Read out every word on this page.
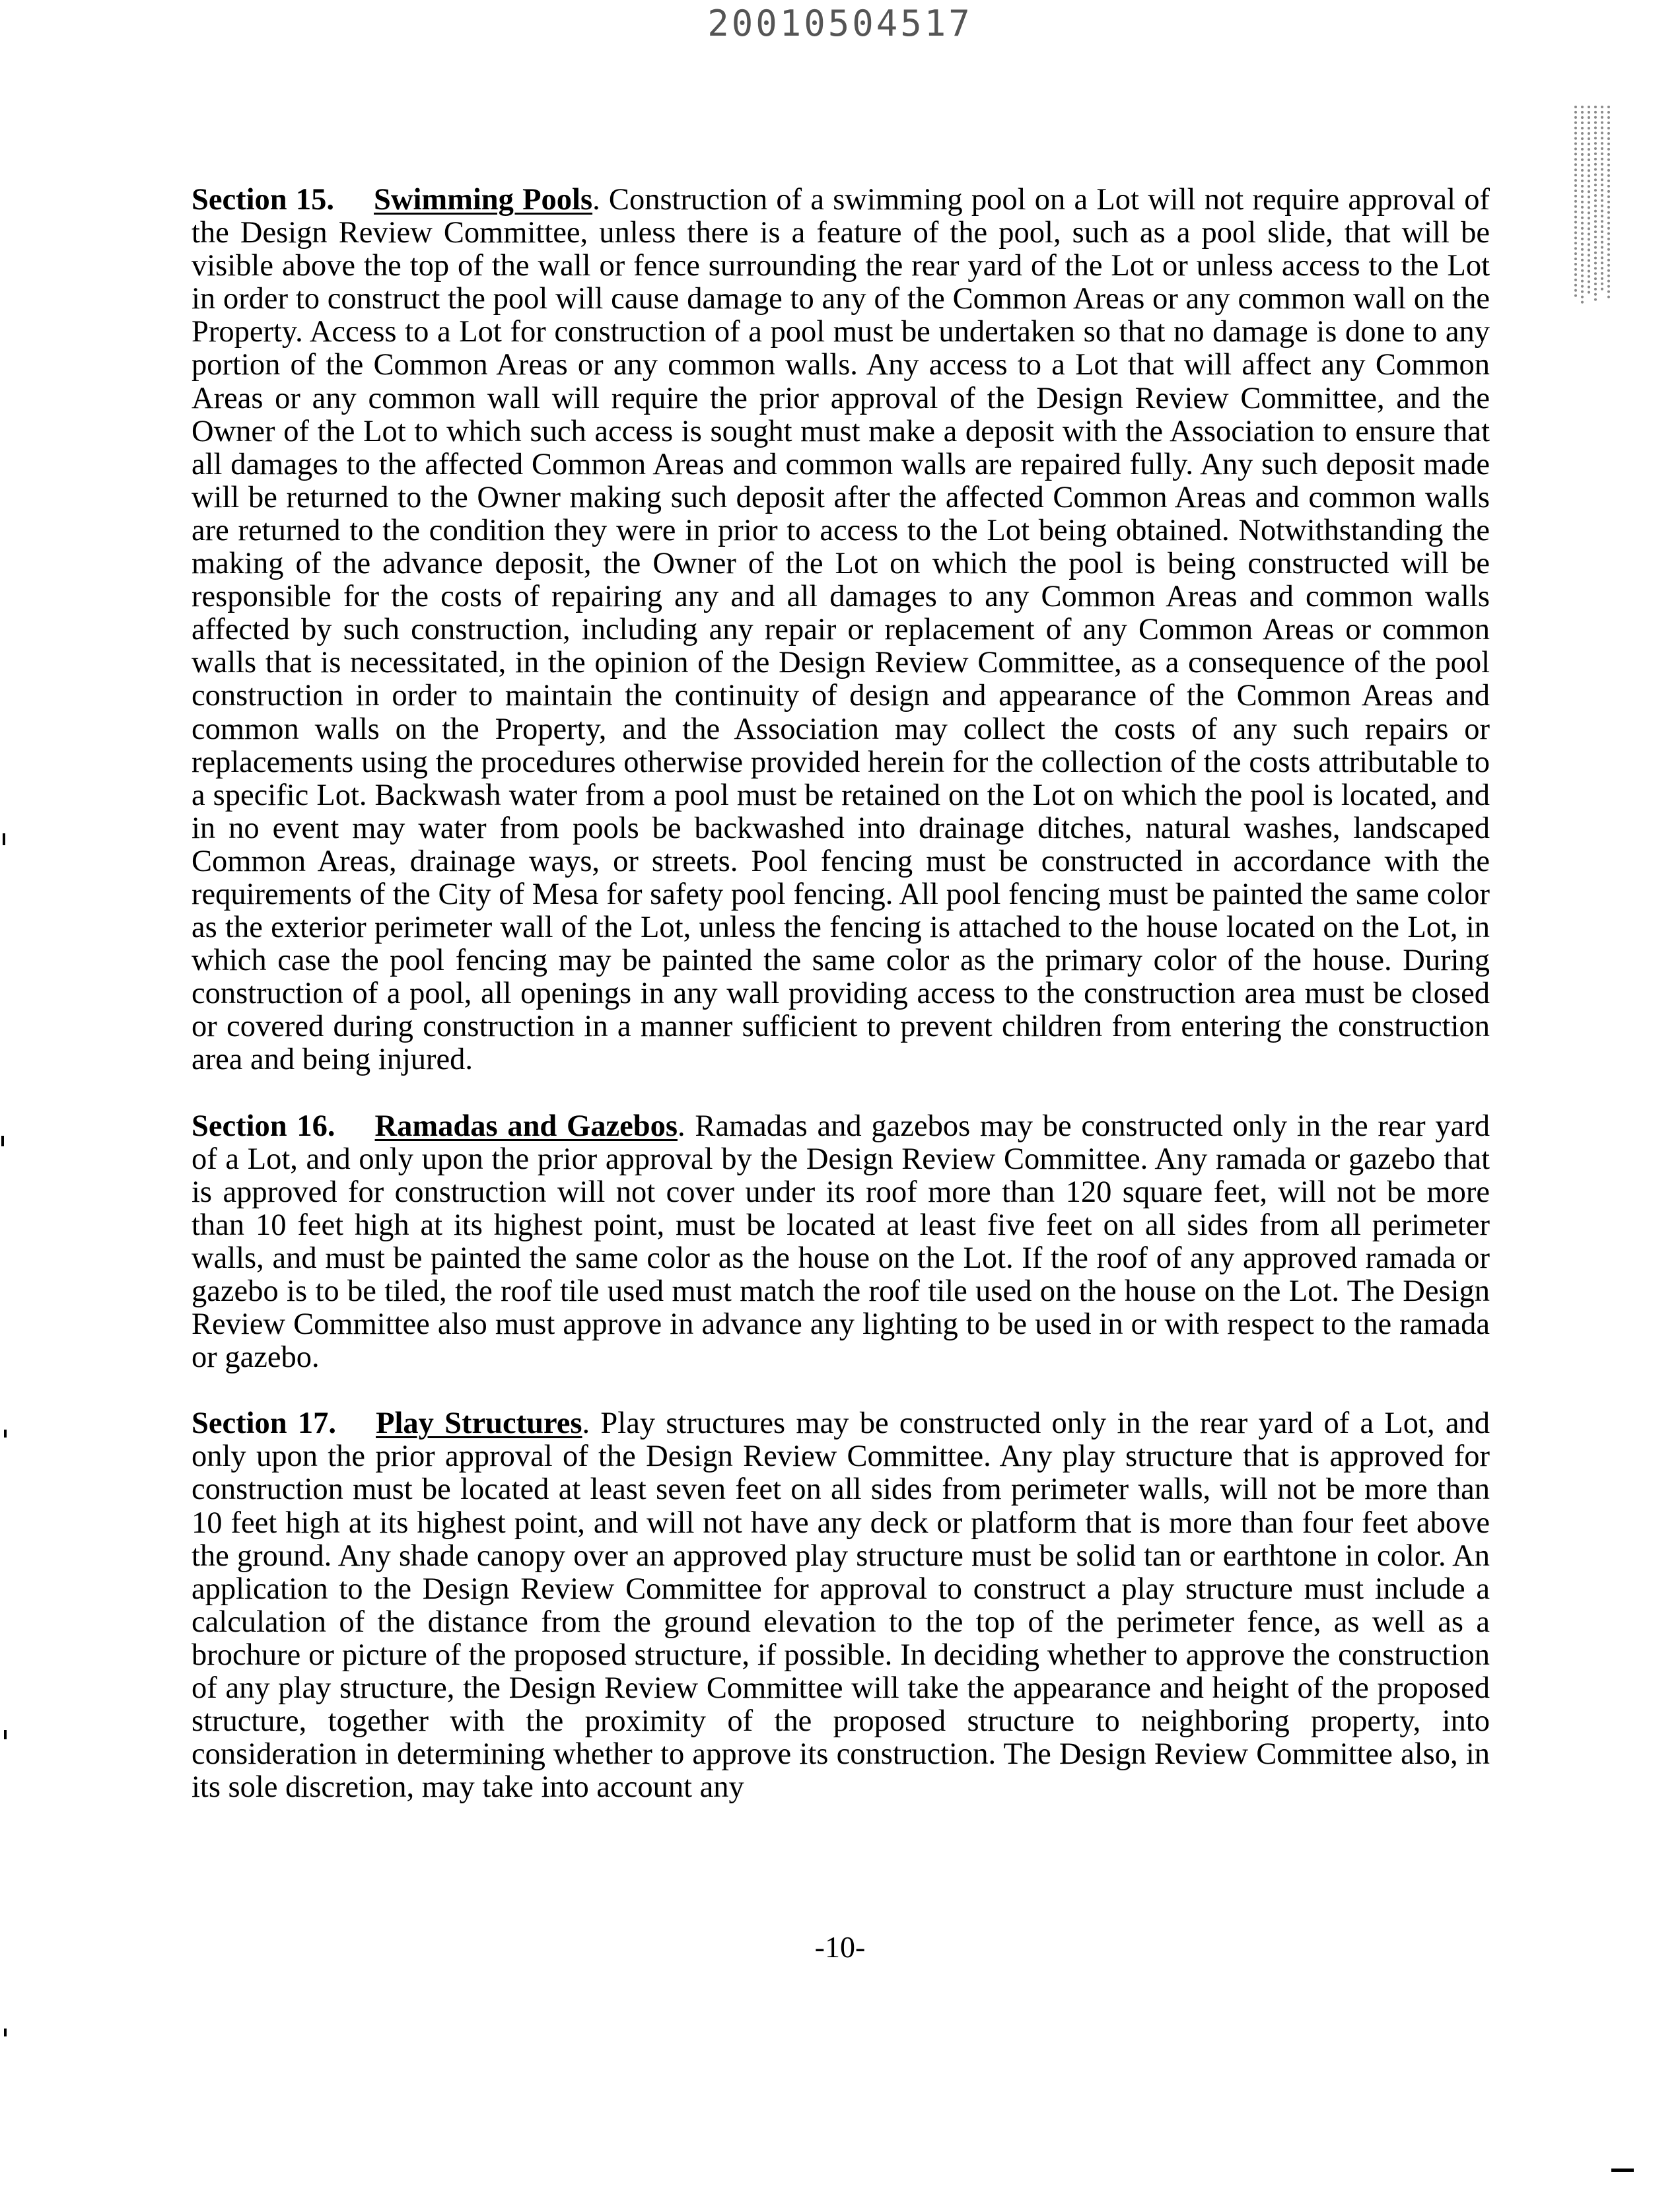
20010504517

Section 15. Swimming Pools. Construction of a swimming pool on a Lot will not require approval of the Design Review Committee, unless there is a feature of the pool, such as a pool slide, that will be visible above the top of the wall or fence surrounding the rear yard of the Lot or unless access to the Lot in order to construct the pool will cause damage to any of the Common Areas or any common wall on the Property. Access to a Lot for construction of a pool must be undertaken so that no damage is done to any portion of the Common Areas or any common walls. Any access to a Lot that will affect any Common Areas or any common wall will require the prior approval of the Design Review Committee, and the Owner of the Lot to which such access is sought must make a deposit with the Association to ensure that all damages to the affected Common Areas and common walls are repaired fully. Any such deposit made will be returned to the Owner making such deposit after the affected Common Areas and common walls are returned to the condition they were in prior to access to the Lot being obtained. Notwithstanding the making of the advance deposit, the Owner of the Lot on which the pool is being constructed will be responsible for the costs of repairing any and all damages to any Common Areas and common walls affected by such construction, including any repair or replacement of any Common Areas or common walls that is necessitated, in the opinion of the Design Review Committee, as a consequence of the pool construction in order to maintain the continuity of design and appearance of the Common Areas and common walls on the Property, and the Association may collect the costs of any such repairs or replacements using the procedures otherwise provided herein for the collection of the costs attributable to a specific Lot. Backwash water from a pool must be retained on the Lot on which the pool is located, and in no event may water from pools be backwashed into drainage ditches, natural washes, landscaped Common Areas, drainage ways, or streets. Pool fencing must be constructed in accordance with the requirements of the City of Mesa for safety pool fencing. All pool fencing must be painted the same color as the exterior perimeter wall of the Lot, unless the fencing is attached to the house located on the Lot, in which case the pool fencing may be painted the same color as the primary color of the house. During construction of a pool, all openings in any wall providing access to the construction area must be closed or covered during construction in a manner sufficient to prevent children from entering the construction area and being injured.

Section 16. Ramadas and Gazebos. Ramadas and gazebos may be constructed only in the rear yard of a Lot, and only upon the prior approval by the Design Review Committee. Any ramada or gazebo that is approved for construction will not cover under its roof more than 120 square feet, will not be more than 10 feet high at its highest point, must be located at least five feet on all sides from all perimeter walls, and must be painted the same color as the house on the Lot. If the roof of any approved ramada or gazebo is to be tiled, the roof tile used must match the roof tile used on the house on the Lot. The Design Review Committee also must approve in advance any lighting to be used in or with respect to the ramada or gazebo.

Section 17. Play Structures. Play structures may be constructed only in the rear yard of a Lot, and only upon the prior approval of the Design Review Committee. Any play structure that is approved for construction must be located at least seven feet on all sides from perimeter walls, will not be more than 10 feet high at its highest point, and will not have any deck or platform that is more than four feet above the ground. Any shade canopy over an approved play structure must be solid tan or earthtone in color. An application to the Design Review Committee for approval to construct a play structure must include a calculation of the distance from the ground elevation to the top of the perimeter fence, as well as a brochure or picture of the proposed structure, if possible. In deciding whether to approve the construction of any play structure, the Design Review Committee will take the appearance and height of the proposed structure, together with the proximity of the proposed structure to neighboring property, into consideration in determining whether to approve its construction. The Design Review Committee also, in its sole discretion, may take into account any

-10-
